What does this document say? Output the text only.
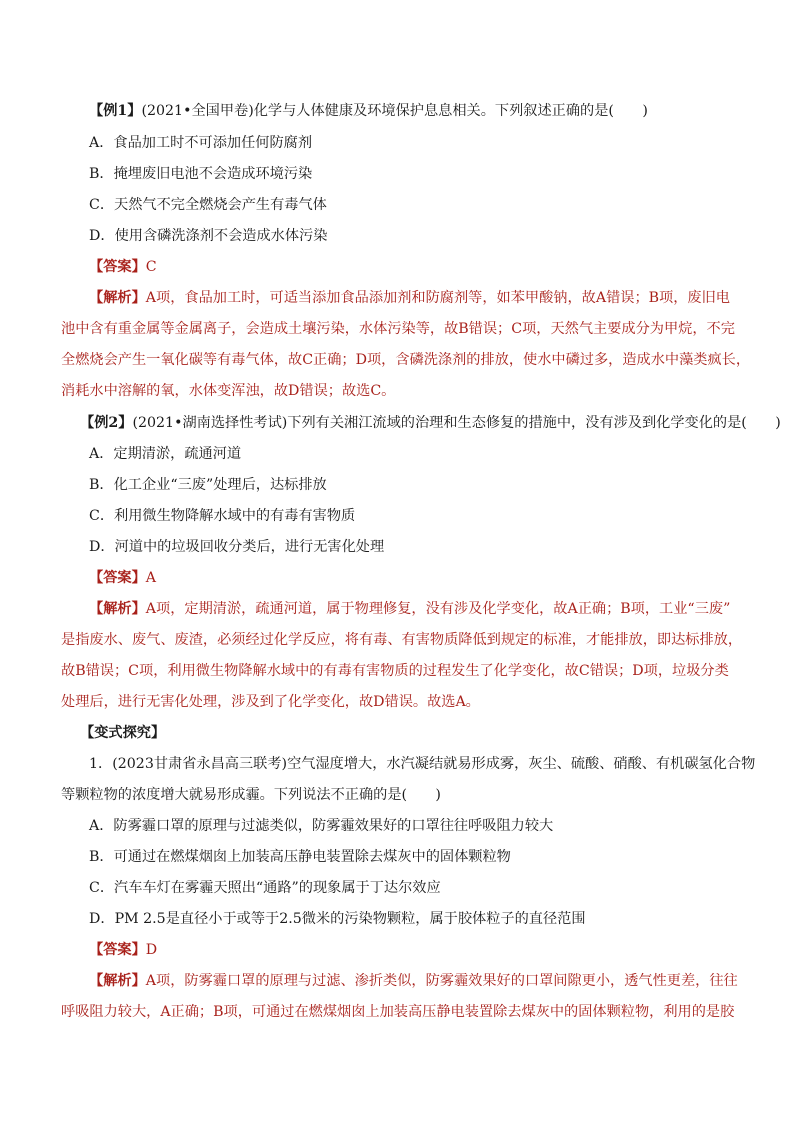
【例1】(2021•全国甲卷)化学与人体健康及环境保护息息相关。下列叙述正确的是(　　)
A．食品加工时不可添加任何防腐剂
B．掩埋废旧电池不会造成环境污染
C．天然气不完全燃烧会产生有毒气体
D．使用含磷洗涤剂不会造成水体污染
【答案】C
【解析】A项，食品加工时，可适当添加食品添加剂和防腐剂等，如苯甲酸钠，故A错误；B项，废旧电
池中含有重金属等金属离子，会造成土壤污染，水体污染等，故B错误；C项，天然气主要成分为甲烷，不完
全燃烧会产生一氧化碳等有毒气体，故C正确；D项，含磷洗涤剂的排放，使水中磷过多，造成水中藻类疯长，
消耗水中溶解的氧，水体变浑浊，故D错误；故选C。
【例2】(2021•湖南选择性考试)下列有关湘江流域的治理和生态修复的措施中，没有涉及到化学变化的是(　　)
A．定期清淤，疏通河道
B．化工企业“三废”处理后，达标排放
C．利用微生物降解水域中的有毒有害物质
D．河道中的垃圾回收分类后，进行无害化处理
【答案】A
【解析】A项，定期清淤，疏通河道，属于物理修复，没有涉及化学变化，故A正确；B项，工业“三废”
是指废水、废气、废渣，必须经过化学反应，将有毒、有害物质降低到规定的标准，才能排放，即达标排放，
故B错误；C项，利用微生物降解水域中的有毒有害物质的过程发生了化学变化，故C错误；D项，垃圾分类
处理后，进行无害化处理，涉及到了化学变化，故D错误。故选A。
【变式探究】
1．(2023甘肃省永昌高三联考)空气湿度增大，水汽凝结就易形成雾，灰尘、硫酸、硝酸、有机碳氢化合物
等颗粒物的浓度增大就易形成霾。下列说法不正确的是(　　)
A．防雾霾口罩的原理与过滤类似，防雾霾效果好的口罩往往呼吸阻力较大
B．可通过在燃煤烟囱上加装高压静电装置除去煤灰中的固体颗粒物
C．汽车车灯在雾霾天照出“通路”的现象属于丁达尔效应
D．PM 2.5是直径小于或等于2.5微米的污染物颗粒，属于胶体粒子的直径范围
【答案】D
【解析】A项，防雾霾口罩的原理与过滤、渗折类似，防雾霾效果好的口罩间隙更小，透气性更差，往往
呼吸阻力较大，A正确；B项，可通过在燃煤烟囱上加装高压静电装置除去煤灰中的固体颗粒物，利用的是胶
